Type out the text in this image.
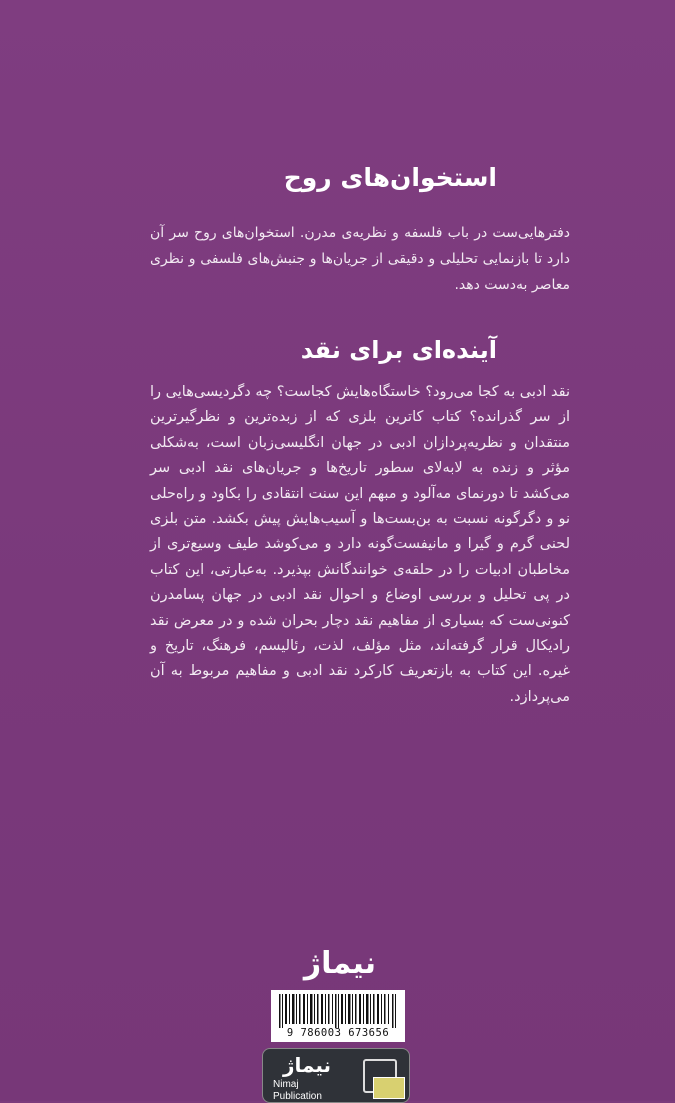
استخوان‌های روح
دفترهایی‌ست در باب فلسفه و نظریه‌ی مدرن. استخوان‌های روح سر آن دارد تا بازنمایی تحلیلی و دقیقی از جریان‌ها و جنبش‌های فلسفی و نظری معاصر به‌دست دهد.
آینده‌ای برای نقد
نقد ادبی به کجا می‌رود؟ خاستگاه‌هایش کجاست؟ چه دگردیسی‌هایی را از سر گذرانده؟ کتاب کاترین بلزی که از زبده‌ترین و نظرگیرترین منتقدان و نظریه‌پردازان ادبی در جهان انگلیسی‌زبان است، به‌شکلی مؤثر و زنده به لابه‌لای سطور تاریخ‌ها و جریان‌های نقد ادبی سر می‌کشد تا دورنمای مه‌آلود و مبهم این سنت انتقادی را بکاود و راه‌حلی نو و دگرگونه نسبت به بن‌بست‌ها و آسیب‌هایش پیش بکشد. متن بلزی لحنی گرم و گیرا و مانیفست‌گونه دارد و می‌کوشد طیف وسیع‌تری از مخاطبان ادبیات را در حلقه‌ی خوانندگانش بپذیرد. به‌عبارتی، این کتاب در پی تحلیل و بررسی اوضاع و احوال نقد ادبی در جهان پسامدرن کنونی‌ست که بسیاری از مفاهیم نقد دچار بحران شده و در معرض نقد رادیکال قرار گرفته‌اند، مثل مؤلف، لذت، رئالیسم، فرهنگ، تاریخ و غیره. این کتاب به بازتعریف کارکرد نقد ادبی و مفاهیم مربوط به آن می‌پردازد.
نیماژ
9 786003 673656
نیماژ
Nimaj
Publication
